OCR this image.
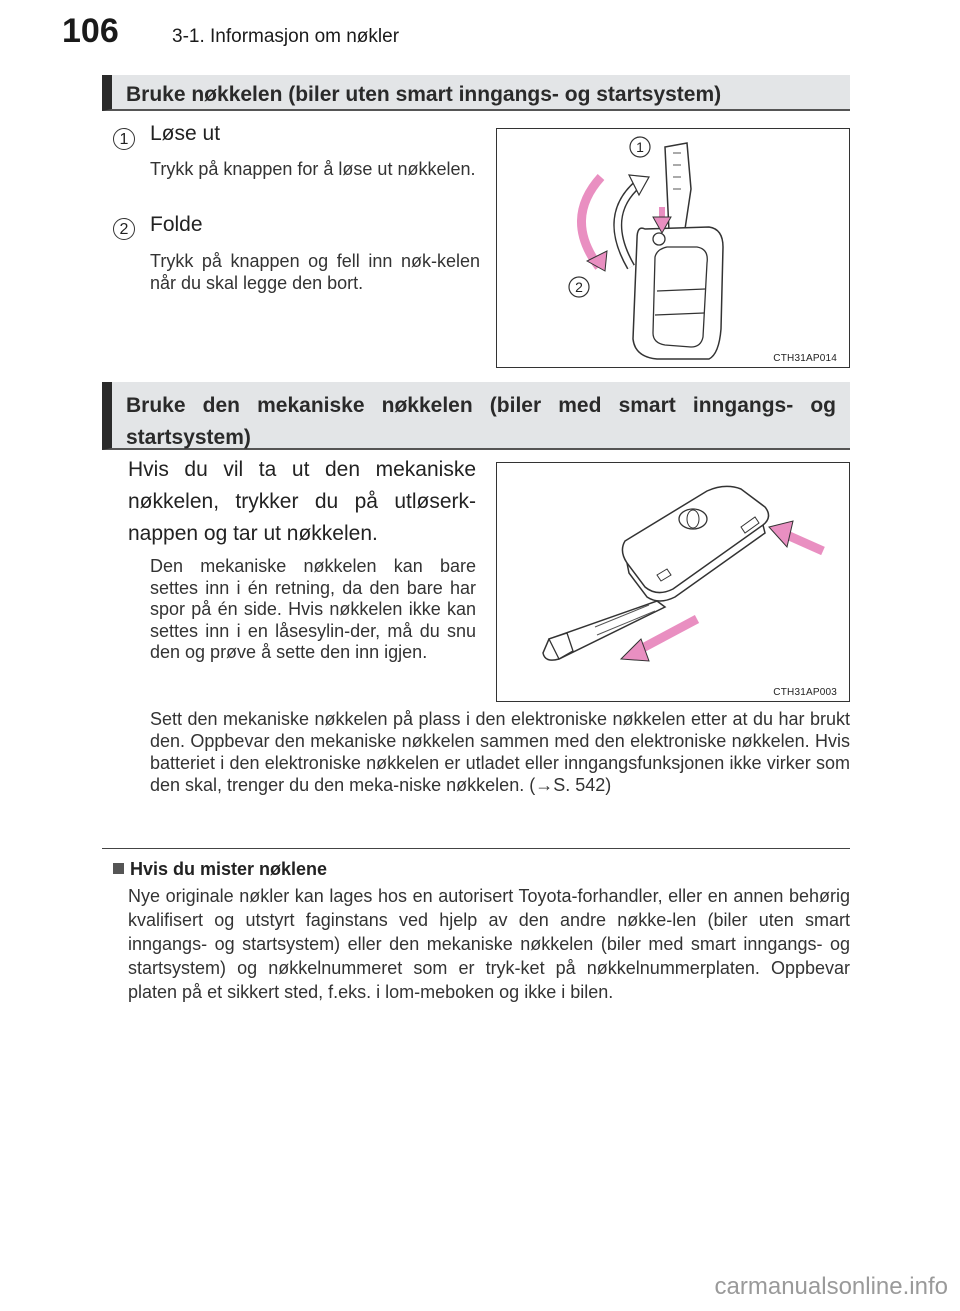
106	3-1. Informasjon om nøkler
Bruke nøkkelen (biler uten smart inngangs- og startsystem)
1	Løse ut
Trykk på knappen for å løse ut nøkkelen.
2	Folde
Trykk på knappen og fell inn nøk-kelen når du skal legge den bort.
1
2
CTH31AP014
Bruke den mekaniske nøkkelen (biler med smart inngangs- og

startsystem)
Hvis du vil ta ut den mekaniske nøkkelen, trykker du på utløserk-nappen og tar ut nøkkelen.
Den mekaniske nøkkelen kan bare settes inn i én retning, da den bare har spor på én side. Hvis nøkkelen ikke kan settes inn i en låsesylin-der, må du snu den og prøve å sette den inn igjen.
CTH31AP003
Sett den mekaniske nøkkelen på plass i den elektroniske nøkkelen etter at du har brukt den. Oppbevar den mekaniske nøkkelen sammen med den elektroniske nøkkelen. Hvis batteriet i den elektroniske nøkkelen er utladet eller inngangsfunksjonen ikke virker som den skal, trenger du den meka-niske nøkkelen. (→S. 542)
Hvis du mister nøklene
Nye originale nøkler kan lages hos en autorisert Toyota-forhandler, eller en annen behørig kvalifisert og utstyrt faginstans ved hjelp av den andre nøkke-len (biler uten smart inngangs- og startsystem) eller den mekaniske nøkkelen (biler med smart inngangs- og startsystem) og nøkkelnummeret som er tryk-ket på nøkkelnummerplaten. Oppbevar platen på et sikkert sted, f.eks. i lom-meboken og ikke i bilen.
carmanualsonline.info
